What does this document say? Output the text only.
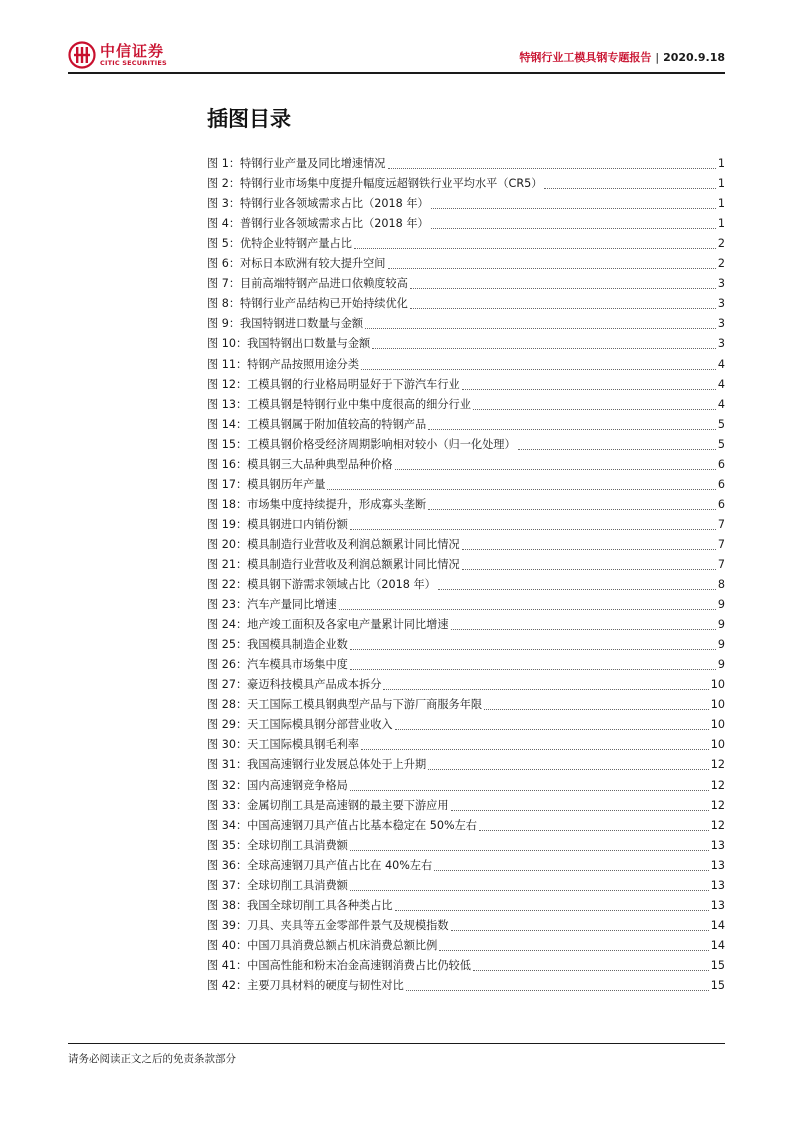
中信证券
CITIC SECURITIES	特钢行业工模具钢专题报告 | 2020.9.18
插图目录
图 1：特钢行业产量及同比增速情况	1
图 2：特钢行业市场集中度提升幅度远超钢铁行业平均水平（CR5）	1
图 3：特钢行业各领域需求占比（2018 年）	1
图 4：普钢行业各领域需求占比（2018 年）	1
图 5：优特企业特钢产量占比	2
图 6：对标日本欧洲有较大提升空间	2
图 7：目前高端特钢产品进口依赖度较高	3
图 8：特钢行业产品结构已开始持续优化	3
图 9：我国特钢进口数量与金额	3
图 10：我国特钢出口数量与金额	3
图 11：特钢产品按照用途分类	4
图 12：工模具钢的行业格局明显好于下游汽车行业	4
图 13：工模具钢是特钢行业中集中度很高的细分行业	4
图 14：工模具钢属于附加值较高的特钢产品	5
图 15：工模具钢价格受经济周期影响相对较小（归一化处理）	5
图 16：模具钢三大品种典型品种价格	6
图 17：模具钢历年产量	6
图 18：市场集中度持续提升，形成寡头垄断	6
图 19：模具钢进口内销份额	7
图 20：模具制造行业营收及利润总额累计同比情况	7
图 21：模具制造行业营收及利润总额累计同比情况	7
图 22：模具钢下游需求领域占比（2018 年）	8
图 23：汽车产量同比增速	9
图 24：地产竣工面积及各家电产量累计同比增速	9
图 25：我国模具制造企业数	9
图 26：汽车模具市场集中度	9
图 27：豪迈科技模具产品成本拆分	10
图 28：天工国际工模具钢典型产品与下游厂商服务年限	10
图 29：天工国际模具钢分部营业收入	10
图 30：天工国际模具钢毛利率	10
图 31：我国高速钢行业发展总体处于上升期	12
图 32：国内高速钢竞争格局	12
图 33：金属切削工具是高速钢的最主要下游应用	12
图 34：中国高速钢刀具产值占比基本稳定在 50%左右	12
图 35：全球切削工具消费额	13
图 36：全球高速钢刀具产值占比在 40%左右	13
图 37：全球切削工具消费额	13
图 38：我国全球切削工具各种类占比	13
图 39：刀具、夹具等五金零部件景气及规模指数	14
图 40：中国刀具消费总额占机床消费总额比例	14
图 41：中国高性能和粉末冶金高速钢消费占比仍较低	15
图 42：主要刀具材料的硬度与韧性对比	15
请务必阅读正文之后的免责条款部分
